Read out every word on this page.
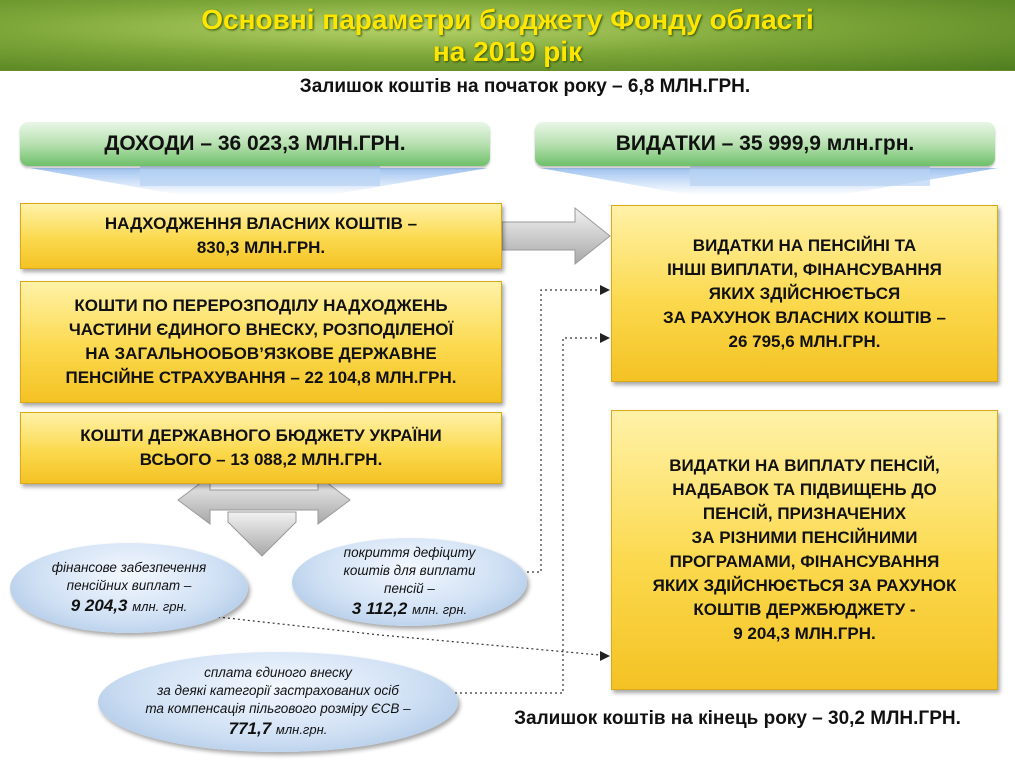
Основні параметри бюджету Фонду області
на 2019 рік
Залишок коштів на початок року – 6,8 МЛН.ГРН.
ДОХОДИ – 36 023,3 МЛН.ГРН.	ВИДАТКИ – 35 999,9 млн.грн.
НАДХОДЖЕННЯ ВЛАСНИХ КОШТІВ –
830,3 МЛН.ГРН.
КОШТИ ПО ПЕРЕРОЗПОДІЛУ НАДХОДЖЕНЬ
ЧАСТИНИ ЄДИНОГО ВНЕСКУ, РОЗПОДІЛЕНОЇ
НА ЗАГАЛЬНООБОВ’ЯЗКОВЕ ДЕРЖАВНЕ
ПЕНСІЙНЕ СТРАХУВАННЯ – 22 104,8 МЛН.ГРН.
КОШТИ ДЕРЖАВНОГО БЮДЖЕТУ УКРАЇНИ
ВСЬОГО – 13 088,2 МЛН.ГРН.
ВИДАТКИ НА ПЕНСІЙНІ ТА
ІНШІ ВИПЛАТИ, ФІНАНСУВАННЯ
ЯКИХ ЗДІЙСНЮЄТЬСЯ
ЗА РАХУНОК ВЛАСНИХ КОШТІВ –
26 795,6 МЛН.ГРН.
ВИДАТКИ НА ВИПЛАТУ ПЕНСІЙ,
НАДБАВОК ТА ПІДВИЩЕНЬ ДО
ПЕНСІЙ, ПРИЗНАЧЕНИХ
ЗА РІЗНИМИ ПЕНСІЙНИМИ
ПРОГРАМАМИ, ФІНАНСУВАННЯ
ЯКИХ ЗДІЙСНЮЄТЬСЯ ЗА РАХУНОК
КОШТІВ ДЕРЖБЮДЖЕТУ -
9 204,3 МЛН.ГРН.
фінансове забезпечення
пенсійних виплат –
9 204,3 млн. грн.
покриття дефіциту
коштів для виплати
пенсій –
3 112,2 млн. грн.
сплата єдиного внеску
за деякі категорії застрахованих осіб
та компенсація пільгового розміру ЄСВ –
771,7 млн.грн.	Залишок коштів на кінець року – 30,2 МЛН.ГРН.
